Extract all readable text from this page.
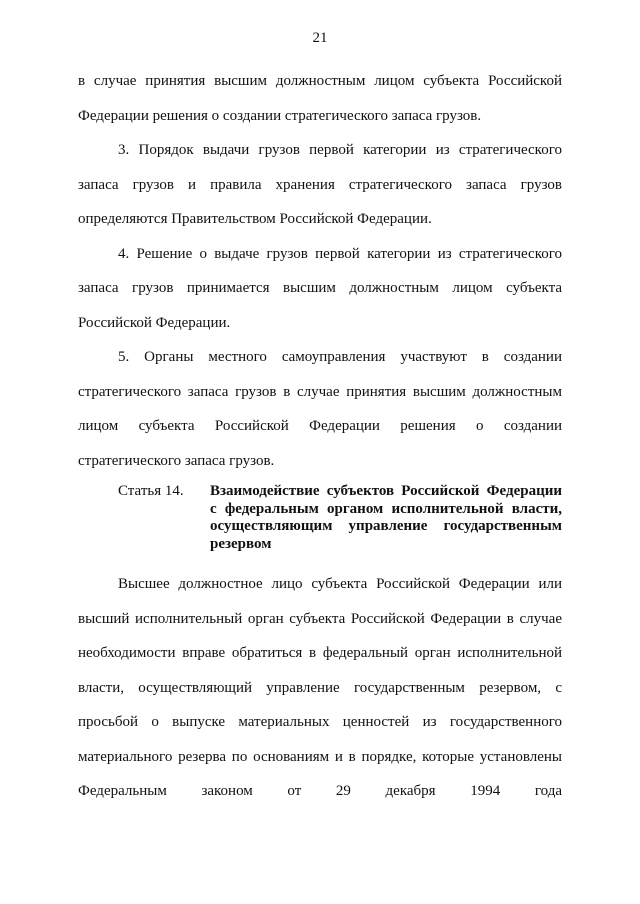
21

в случае принятия высшим должностным лицом субъекта Российской Федерации решения о создании стратегического запаса грузов.

3. Порядок выдачи грузов первой категории из стратегического запаса грузов и правила хранения стратегического запаса грузов определяются Правительством Российской Федерации.

4. Решение о выдаче грузов первой категории из стратегического запаса грузов принимается высшим должностным лицом субъекта Российской Федерации.

5. Органы местного самоуправления участвуют в создании стратегического запаса грузов в случае принятия высшим должностным лицом субъекта Российской Федерации решения о создании стратегического запаса грузов.

Статья 14.	Взаимодействие субъектов Российской Федерации с федеральным органом исполнительной власти, осуществляющим управление государственным резервом

Высшее должностное лицо субъекта Российской Федерации или высший исполнительный орган субъекта Российской Федерации в случае необходимости вправе обратиться в федеральный орган исполнительной власти, осуществляющий управление государственным резервом, с просьбой о выпуске материальных ценностей из государственного материального резерва по основаниям и в порядке, которые установлены Федеральным законом от 29 декабря 1994 года
